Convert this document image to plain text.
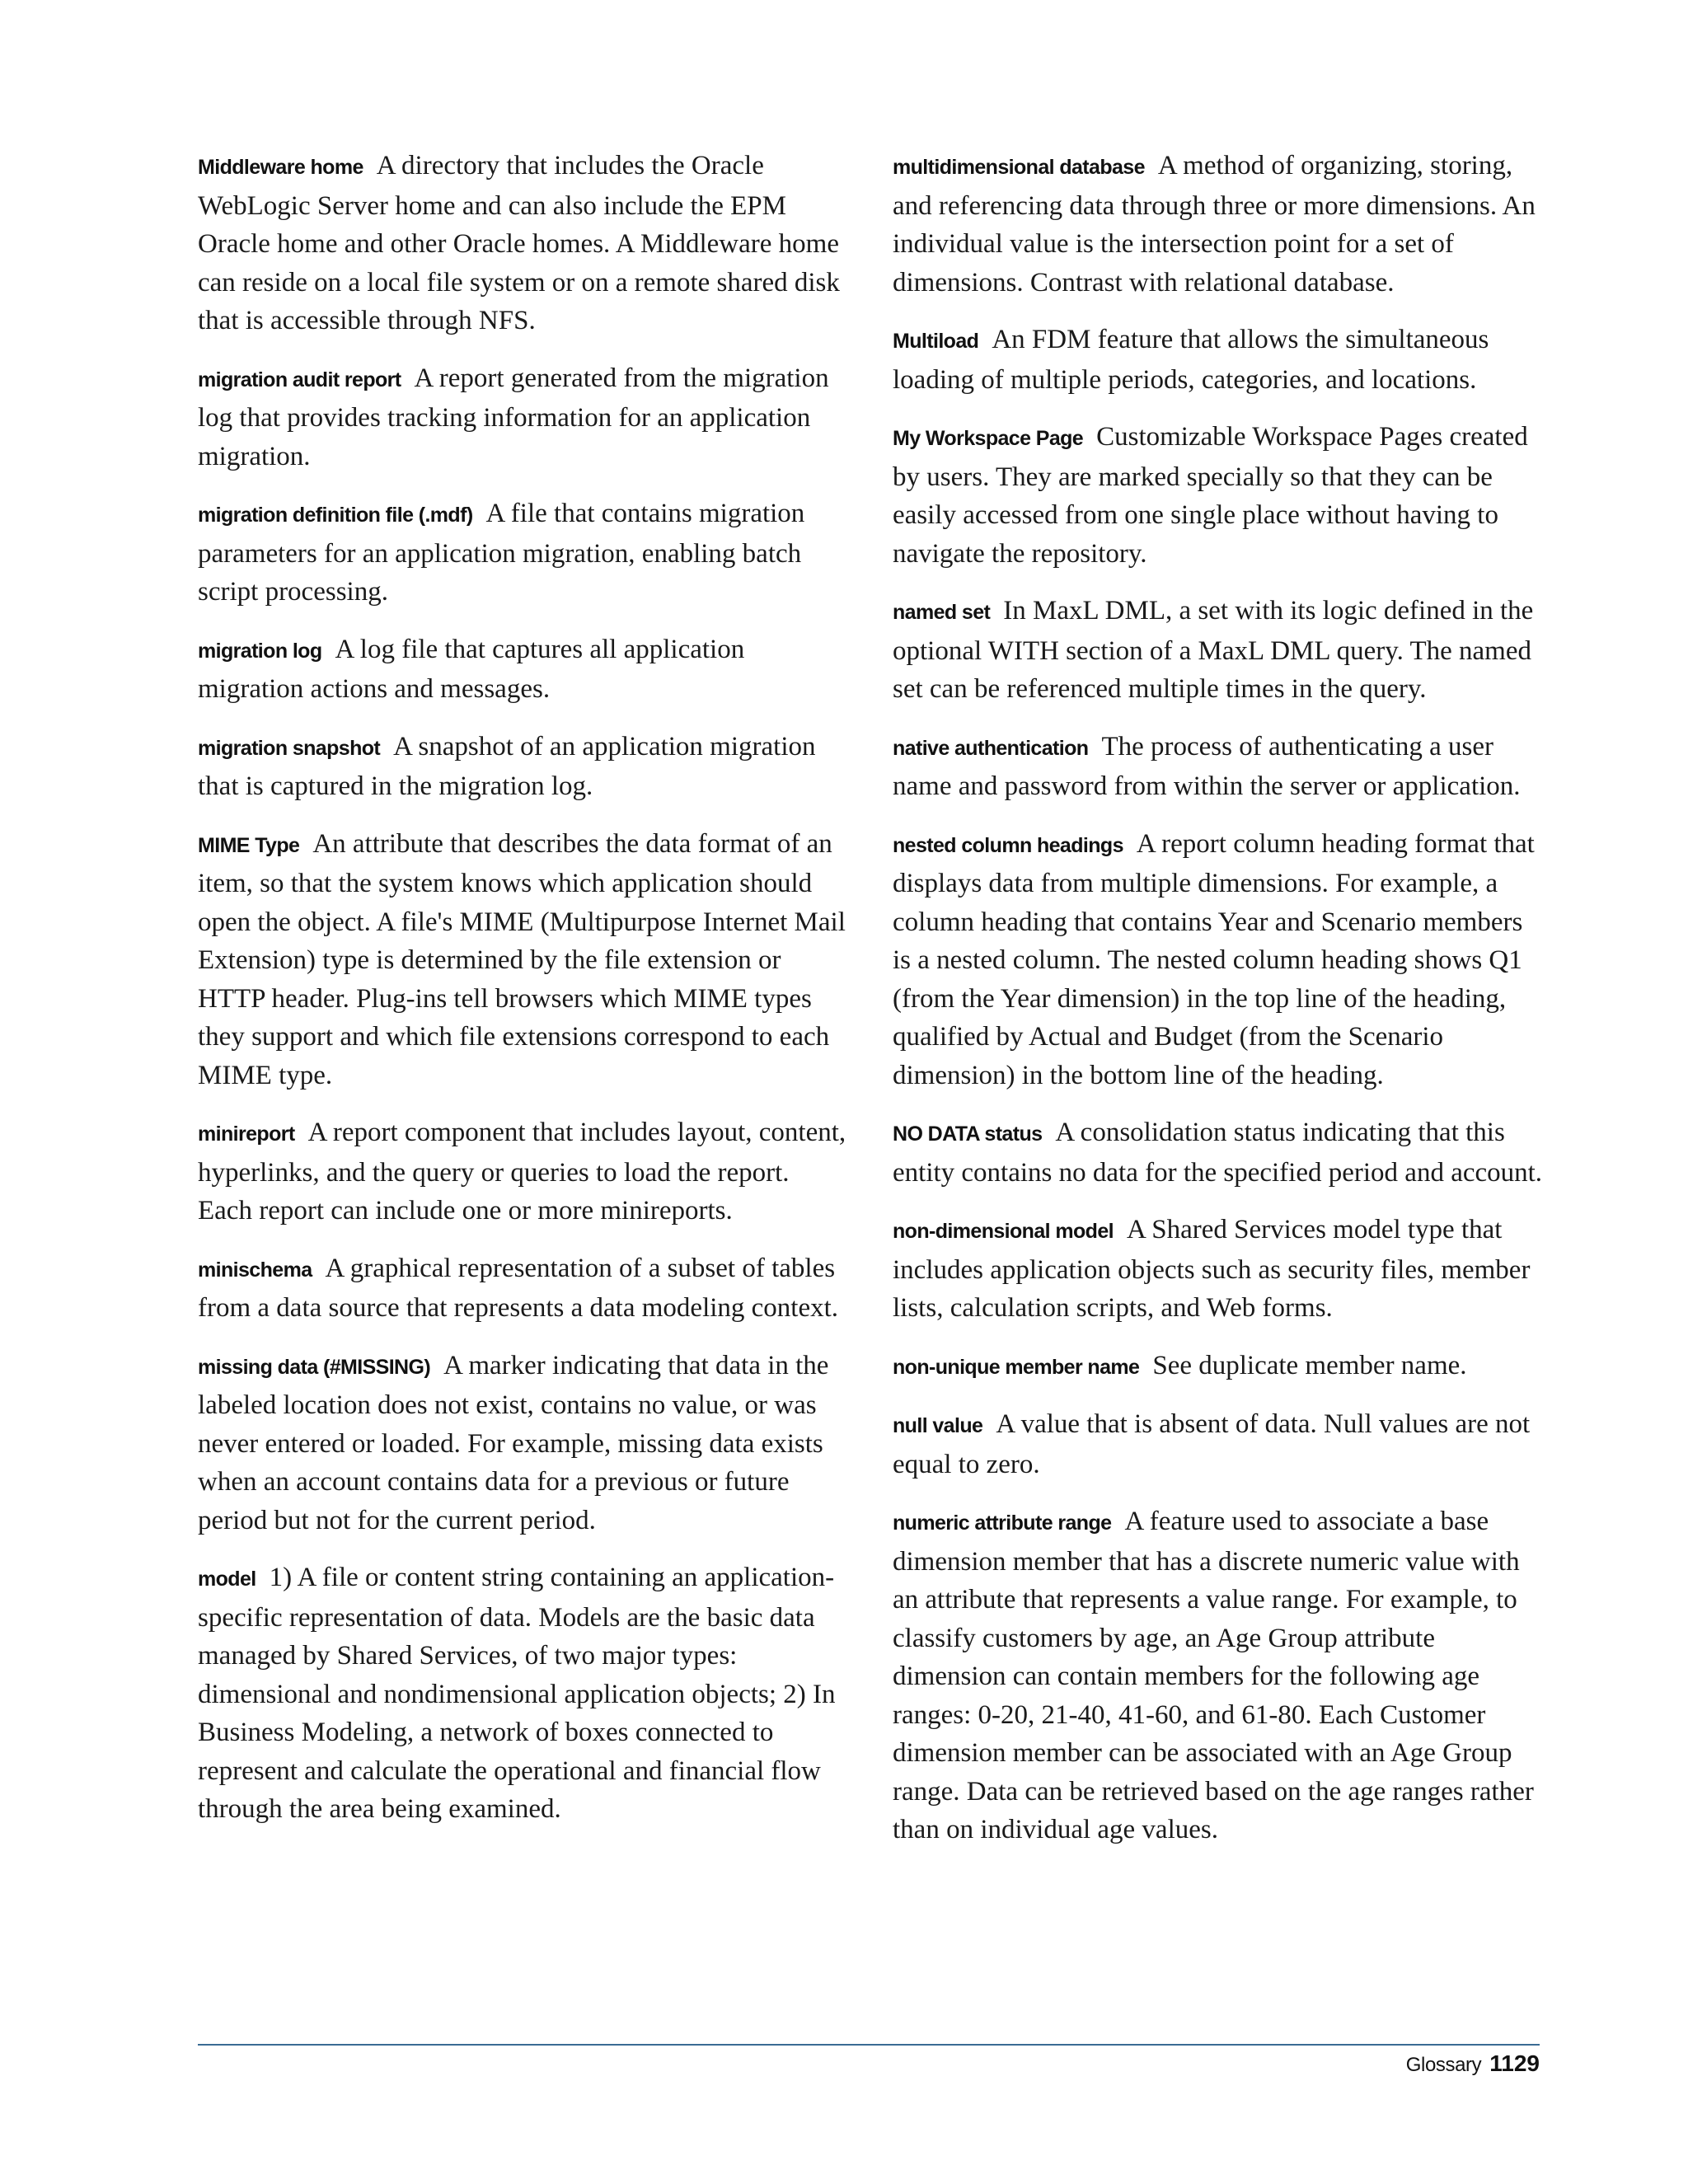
Middleware home A directory that includes the Oracle WebLogic Server home and can also include the EPM Oracle home and other Oracle homes. A Middleware home can reside on a local file system or on a remote shared disk that is accessible through NFS.

migration audit report A report generated from the migration log that provides tracking information for an application migration.

migration definition file (.mdf) A file that contains migration parameters for an application migration, enabling batch script processing.

migration log A log file that captures all application migration actions and messages.

migration snapshot A snapshot of an application migration that is captured in the migration log.

MIME Type An attribute that describes the data format of an item, so that the system knows which application should open the object. A file's MIME (Multipurpose Internet Mail Extension) type is determined by the file extension or HTTP header. Plug-ins tell browsers which MIME types they support and which file extensions correspond to each MIME type.

minireport A report component that includes layout, content, hyperlinks, and the query or queries to load the report. Each report can include one or more minireports.

minischema A graphical representation of a subset of tables from a data source that represents a data modeling context.

missing data (#MISSING) A marker indicating that data in the labeled location does not exist, contains no value, or was never entered or loaded. For example, missing data exists when an account contains data for a previous or future period but not for the current period.

model 1) A file or content string containing an application-specific representation of data. Models are the basic data managed by Shared Services, of two major types: dimensional and nondimensional application objects; 2) In Business Modeling, a network of boxes connected to represent and calculate the operational and financial flow through the area being examined.

multidimensional database A method of organizing, storing, and referencing data through three or more dimensions. An individual value is the intersection point for a set of dimensions. Contrast with relational database.

Multiload An FDM feature that allows the simultaneous loading of multiple periods, categories, and locations.

My Workspace Page Customizable Workspace Pages created by users. They are marked specially so that they can be easily accessed from one single place without having to navigate the repository.

named set In MaxL DML, a set with its logic defined in the optional WITH section of a MaxL DML query. The named set can be referenced multiple times in the query.

native authentication The process of authenticating a user name and password from within the server or application.

nested column headings A report column heading format that displays data from multiple dimensions. For example, a column heading that contains Year and Scenario members is a nested column. The nested column heading shows Q1 (from the Year dimension) in the top line of the heading, qualified by Actual and Budget (from the Scenario dimension) in the bottom line of the heading.

NO DATA status A consolidation status indicating that this entity contains no data for the specified period and account.

non-dimensional model A Shared Services model type that includes application objects such as security files, member lists, calculation scripts, and Web forms.

non-unique member name See duplicate member name.

null value A value that is absent of data. Null values are not equal to zero.

numeric attribute range A feature used to associate a base dimension member that has a discrete numeric value with an attribute that represents a value range. For example, to classify customers by age, an Age Group attribute dimension can contain members for the following age ranges: 0-20, 21-40, 41-60, and 61-80. Each Customer dimension member can be associated with an Age Group range. Data can be retrieved based on the age ranges rather than on individual age values.

Glossary 1129
